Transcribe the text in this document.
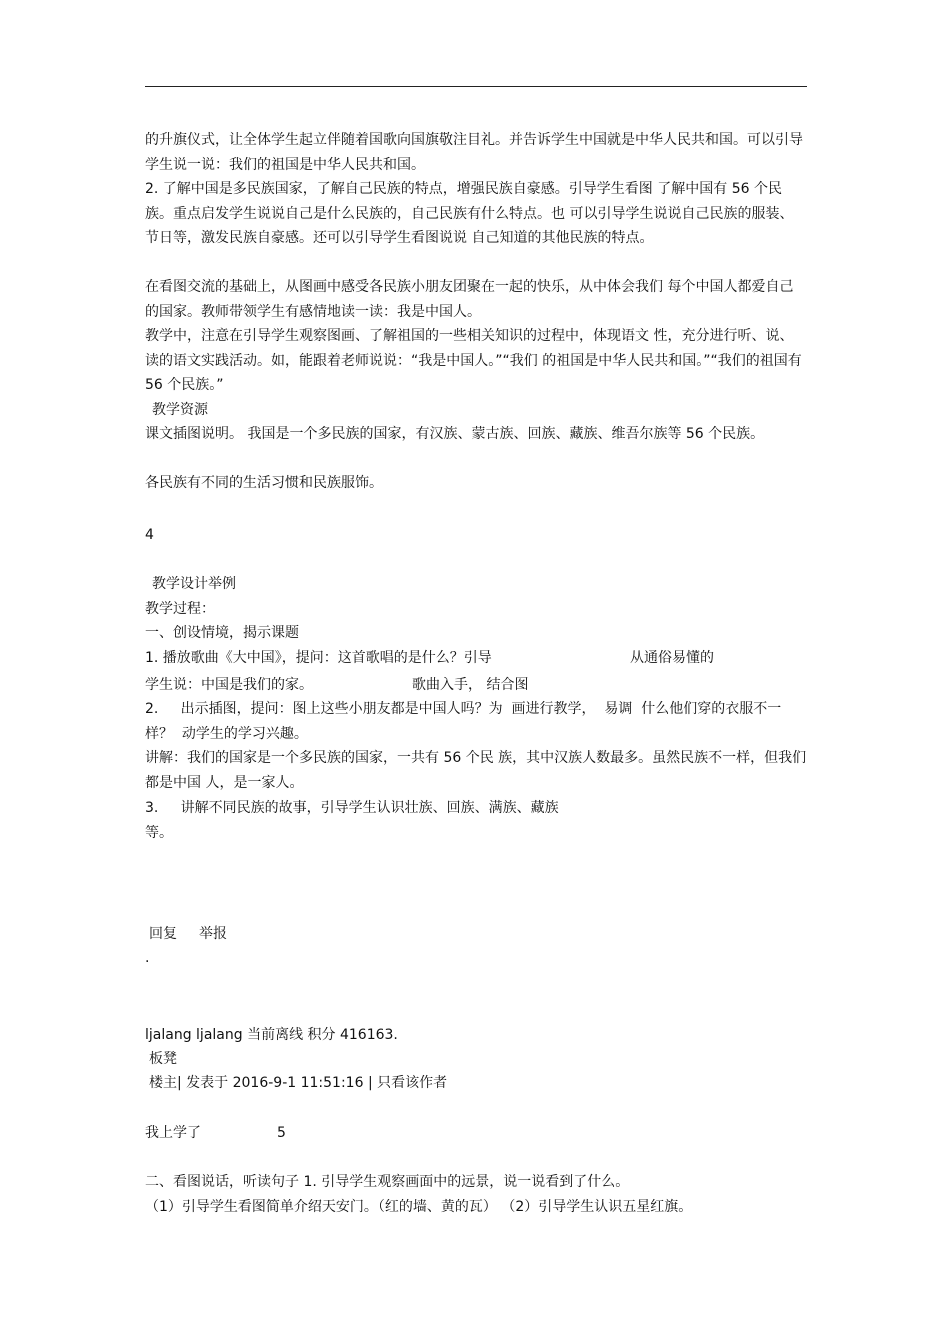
的升旗仪式，让全体学生起立伴随着国歌向国旗敬注目礼。并告诉学生中国就是中华人民共和国。可以引导学生说一说：我们的祖国是中华人民共和国。
2. 了解中国是多民族国家，了解自己民族的特点，增强民族自豪感。引导学生看图 了解中国有 56 个民族。重点启发学生说说自己是什么民族的，自己民族有什么特点。也 可以引导学生说说自己民族的服装、节日等，激发民族自豪感。还可以引导学生看图说说 自己知道的其他民族的特点。
在看图交流的基础上，从图画中感受各民族小朋友团聚在一起的快乐，从中体会我们 每个中国人都爱自己的国家。教师带领学生有感情地读一读：我是中国人。
教学中，注意在引导学生观察图画、了解祖国的一些相关知识的过程中，体现语文 性，充分进行听、说、读的语文实践活动。如，能跟着老师说说：“我是中国人。”“我们 的祖国是中华人民共和国。”“我们的祖国有 56 个民族。”
教学资源
课文插图说明。 我国是一个多民族的国家，有汉族、蒙古族、回族、藏族、维吾尔族等 56 个民族。
各民族有不同的生活习惯和民族服饰。
4
教学设计举例
教学过程：
一、创设情境，揭示课题
1. 播放歌曲《大中国》，提问：这首歌唱的是什么？引导	从通俗易懂的
学生说：中国是我们的家。	歌曲入手， 结合图
2.     出示插图，提问：图上这些小朋友都是中国人吗？为  画进行教学，  易调  什么他们穿的衣服不一样？  动学生的学习兴趣。
讲解：我们的国家是一个多民族的国家，一共有 56 个民 族，其中汉族人数最多。虽然民族不一样，但我们都是中国 人，是一家人。
3.     讲解不同民族的故事，引导学生认识壮族、回族、满族、藏族等。
回复 举报
.
ljalang ljalang 当前离线 积分 416163.
板凳
楼主| 发表于 2016-9-1 11:51:16 | 只看该作者
我上学了	5
二、看图说话，听读句子 1. 引导学生观察画面中的远景，说一说看到了什么。
（1）引导学生看图简单介绍天安门。（红的墙、黄的瓦） （2）引导学生认识五星红旗。
